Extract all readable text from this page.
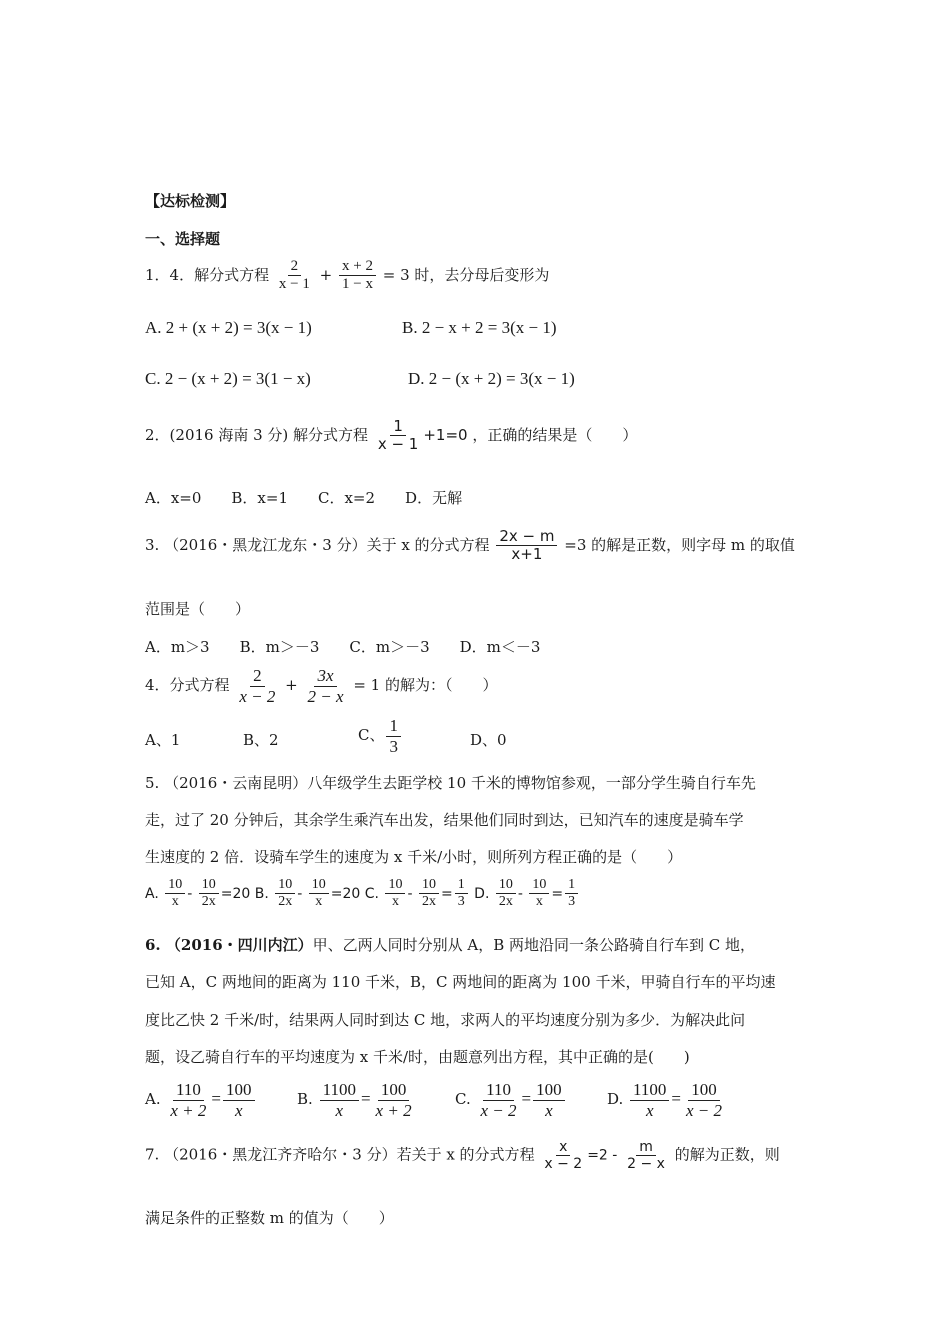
【达标检测】
一、选择题
1．4．解分式方程 $\frac{2}{x - 1} + \frac{x + 2}{1 - x} = 3$ 时，去分母后变形为
A. 2 + (x + 2) = 3(x − 1)	B. 2 − x + 2 = 3(x − 1)
C. 2 − (x + 2) = 3(1 − x)	D. 2 − (x + 2) = 3(x − 1)
2．(2016 海南 3 分) 解分式方程 $\frac{1}{x - 1} +1=0$ ，正确的结果是（　　）
A．x=0　　B．x=1　　C．x=2　　D．无解
3. （2016・黑龙江龙东・3 分）关于 x 的分式方程 $\frac{2x - m}{x+1} =3$ 的解是正数，则字母 m 的取值
范围是（　　）
A．m＞3　　B．m＞－3　　C．m＞－3　　D．m＜－3
4．分式方程 $\frac{2}{x - 2} + \frac{3x}{2 - x} = 1$ 的解为：（　　）
A、1	B、2	C、 $\frac{1}{3}$	D、0
5. （2016・云南昆明）八年级学生去距学校 10 千米的博物馆参观，一部分学生骑自行车先
走，过了 20 分钟后，其余学生乘汽车出发，结果他们同时到达，已知汽车的速度是骑车学
生速度的 2 倍．设骑车学生的速度为 x 千米/小时，则所列方程正确的是（　　）
A. $\frac{10}{x} - \frac{10}{2x} =20$ B. $\frac{10}{2x} - \frac{10}{x} =20$ C. $\frac{10}{x} - \frac{10}{2x} = \frac{1}{3} D$. $\frac{10}{2x} - \frac{10}{x} = \frac{1}{3}$
6. （2016・四川内江）甲、乙两人同时分别从 A，B 两地沿同一条公路骑自行车到 C 地，
已知 A，C 两地间的距离为 110 千米，B，C 两地间的距离为 100 千米，甲骑自行车的平均速
度比乙快 2 千米/时，结果两人同时到达 C 地，求两人的平均速度分别为多少．为解决此问
题，设乙骑自行车的平均速度为 x 千米/时，由题意列出方程，其中正确的是(　　)
A. $\frac{110}{x + 2} = \frac{100}{x}$	B. $\frac{1100}{x} = \frac{100}{x + 2}$	C. $\frac{110}{x - 2} = \frac{100}{x}$	D. $\frac{1100}{x} = \frac{100}{x - 2}$
7. （2016・黑龙江齐齐哈尔・3 分）若关于 x 的分式方程 $\frac{x}{x - 2} =2 - \frac{m}{2 - x}$ 的解为正数，则
满足条件的正整数 m 的值为（　　）
